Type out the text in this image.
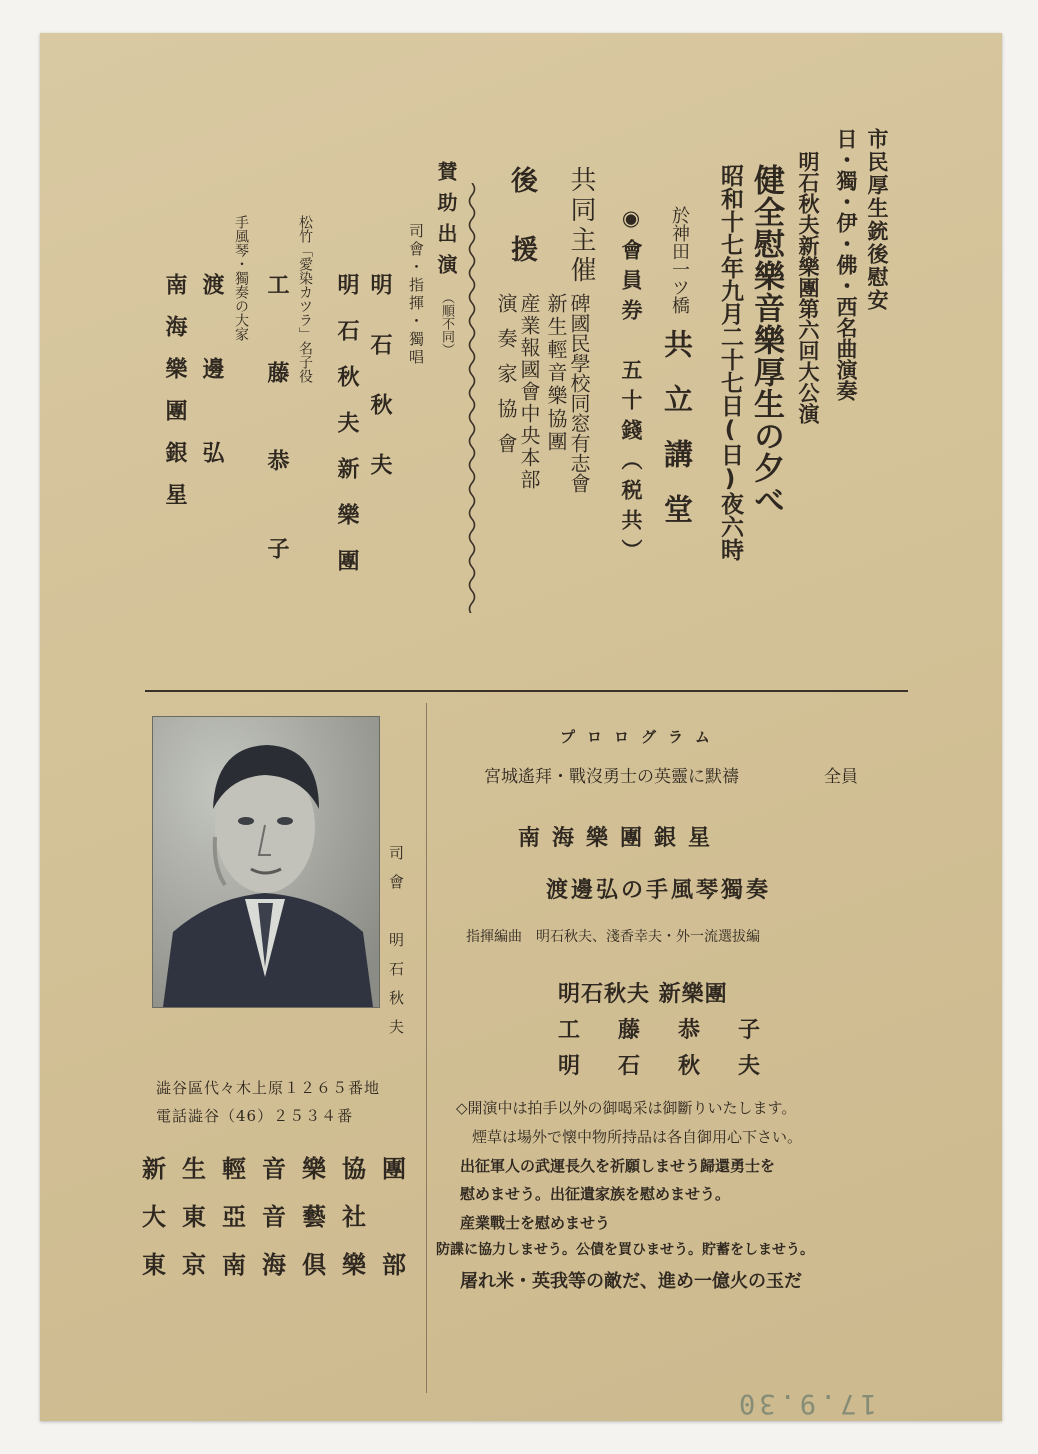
市民厚生銃後慰安
日・獨・伊・佛・西名曲演奏
明石秋夫新樂團第六回大公演
健全慰樂音樂厚生の夕べ
昭和十七年九月二十七日(日)夜六時
於神田一ツ橋
共立講堂
◉會員券　五十錢（税共）
共同主催
碑國民學校同窓有志會
新生輕音樂協團
後援
産業報國會中央本部
演奏家協會
賛助出演
（順不同）
司會・指揮・獨唱
明石秋夫
明石秋夫新樂團
松竹「愛染カツラ」名子役
工藤恭子
手風琴・獨奏の大家
渡邊弘
南海樂團銀星
司會　明石秋夫
澁谷區代々木上原１２６５番地
電話澁谷（46）２５３４番
新生輕音樂協團
大東亞音藝社
東京南海倶樂部
プロログラム
宮城遙拜・戰沒勇士の英靈に默禱	全員
南海樂團銀星
渡邊弘の手風琴獨奏
指揮編曲　明石秋夫、淺香幸夫・外一流選拔編
明石秋夫 新樂團
工　藤　恭　子
明　石　秋　夫
◇開演中は拍手以外の御喝采は御斷りいたします。
煙草は場外で懐中物所持品は各自御用心下さい。
出征軍人の武運長久を祈願しませう歸還勇士を
慰めませう。出征遺家族を慰めませう。
産業戰士を慰めませう
防諜に協力しませう。公債を買ひませう。貯蓄をしませう。
屠れ米・英我等の敵だ、進め一億火の玉だ
17.9.30
